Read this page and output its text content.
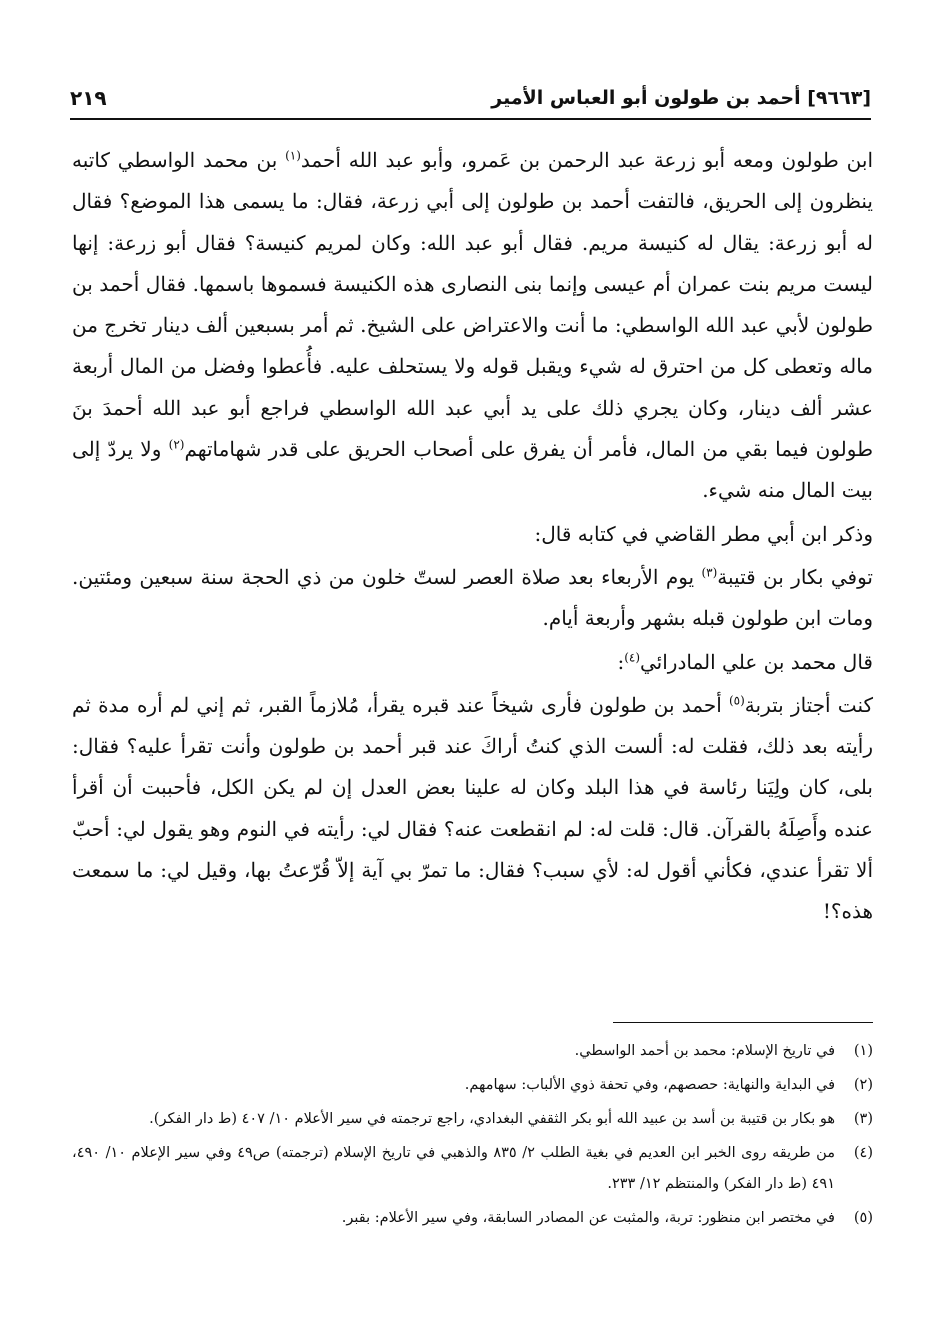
[٩٦٦٣] أحمد بن طولون أبو العباس الأمير
٢١٩

ابن طولون ومعه أبو زرعة عبد الرحمن بن عَمرو، وأبو عبد الله أحمد$^{(١)}$ بن محمد الواسطي كاتبه ينظرون إلى الحريق، فالتفت أحمد بن طولون إلى أبي زرعة، فقال: ما يسمى هذا الموضع؟ فقال له أبو زرعة: يقال له كنيسة مريم. فقال أبو عبد الله: وكان لمريم كنيسة؟ فقال أبو زرعة: إنها ليست مريم بنت عمران أم عيسى وإنما بنى النصارى هذه الكنيسة فسموها باسمها. فقال أحمد بن طولون لأبي عبد الله الواسطي: ما أنت والاعتراض على الشيخ. ثم أمر بسبعين ألف دينار تخرج من ماله وتعطى كل من احترق له شيء ويقبل قوله ولا يستحلف عليه. فأُعطوا وفضل من المال أربعة عشر ألف دينار، وكان يجري ذلك على يد أبي عبد الله الواسطي فراجع أبو عبد الله أحمدَ بنَ طولون فيما بقي من المال، فأمر أن يفرق على أصحاب الحريق على قدر شهاماتهم$^{(٢)}$ ولا يردّ إلى بيت المال منه شيء.

وذكر ابن أبي مطر القاضي في كتابه قال:

توفي بكار بن قتيبة$^{(٣)}$ يوم الأربعاء بعد صلاة العصر لستّ خلون من ذي الحجة سنة سبعين ومئتين. ومات ابن طولون قبله بشهر وأربعة أيام.

قال محمد بن علي المادرائي$^{(٤)}$:

كنت أجتاز بتربة$^{(٥)}$ أحمد بن طولون فأرى شيخاً عند قبره يقرأ، مُلازماً القبر، ثم إني لم أره مدة ثم رأيته بعد ذلك، فقلت له: ألست الذي كنتُ أراكَ عند قبر أحمد بن طولون وأنت تقرأ عليه؟ فقال: بلى، كان ولِيَنا رئاسة في هذا البلد وكان له علينا بعض العدل إن لم يكن الكل، فأحببت أن أقرأ عنده وأَصِلَهُ بالقرآن. قال: قلت له: لم انقطعت عنه؟ فقال لي: رأيته في النوم وهو يقول لي: أحبّ ألا تقرأ عندي، فكأني أقول له: لأي سبب؟ فقال: ما تمرّ بي آية إلاّ قُرّعتُ بها، وقيل لي: ما سمعت هذه؟!

(١)
في تاريخ الإسلام: محمد بن أحمد الواسطي.
(٢)
في البداية والنهاية: حصصهم، وفي تحفة ذوي الألباب: سهامهم.
(٣)
هو بكار بن قتيبة بن أسد بن عبيد الله أبو بكر الثقفي البغدادي، راجع ترجمته في سير الأعلام ١٠/ ٤٠٧ (ط دار الفكر).
(٤)
من طريقه روى الخبر ابن العديم في بغية الطلب ٢/ ٨٣٥ والذهبي في تاريخ الإسلام (ترجمته) ص٤٩ وفي سير الإعلام ١٠/ ٤٩٠، ٤٩١ (ط دار الفكر) والمنتظم ١٢/ ٢٣٣.
(٥)
في مختصر ابن منظور: تربة، والمثبت عن المصادر السابقة، وفي سير الأعلام: بقبر.
